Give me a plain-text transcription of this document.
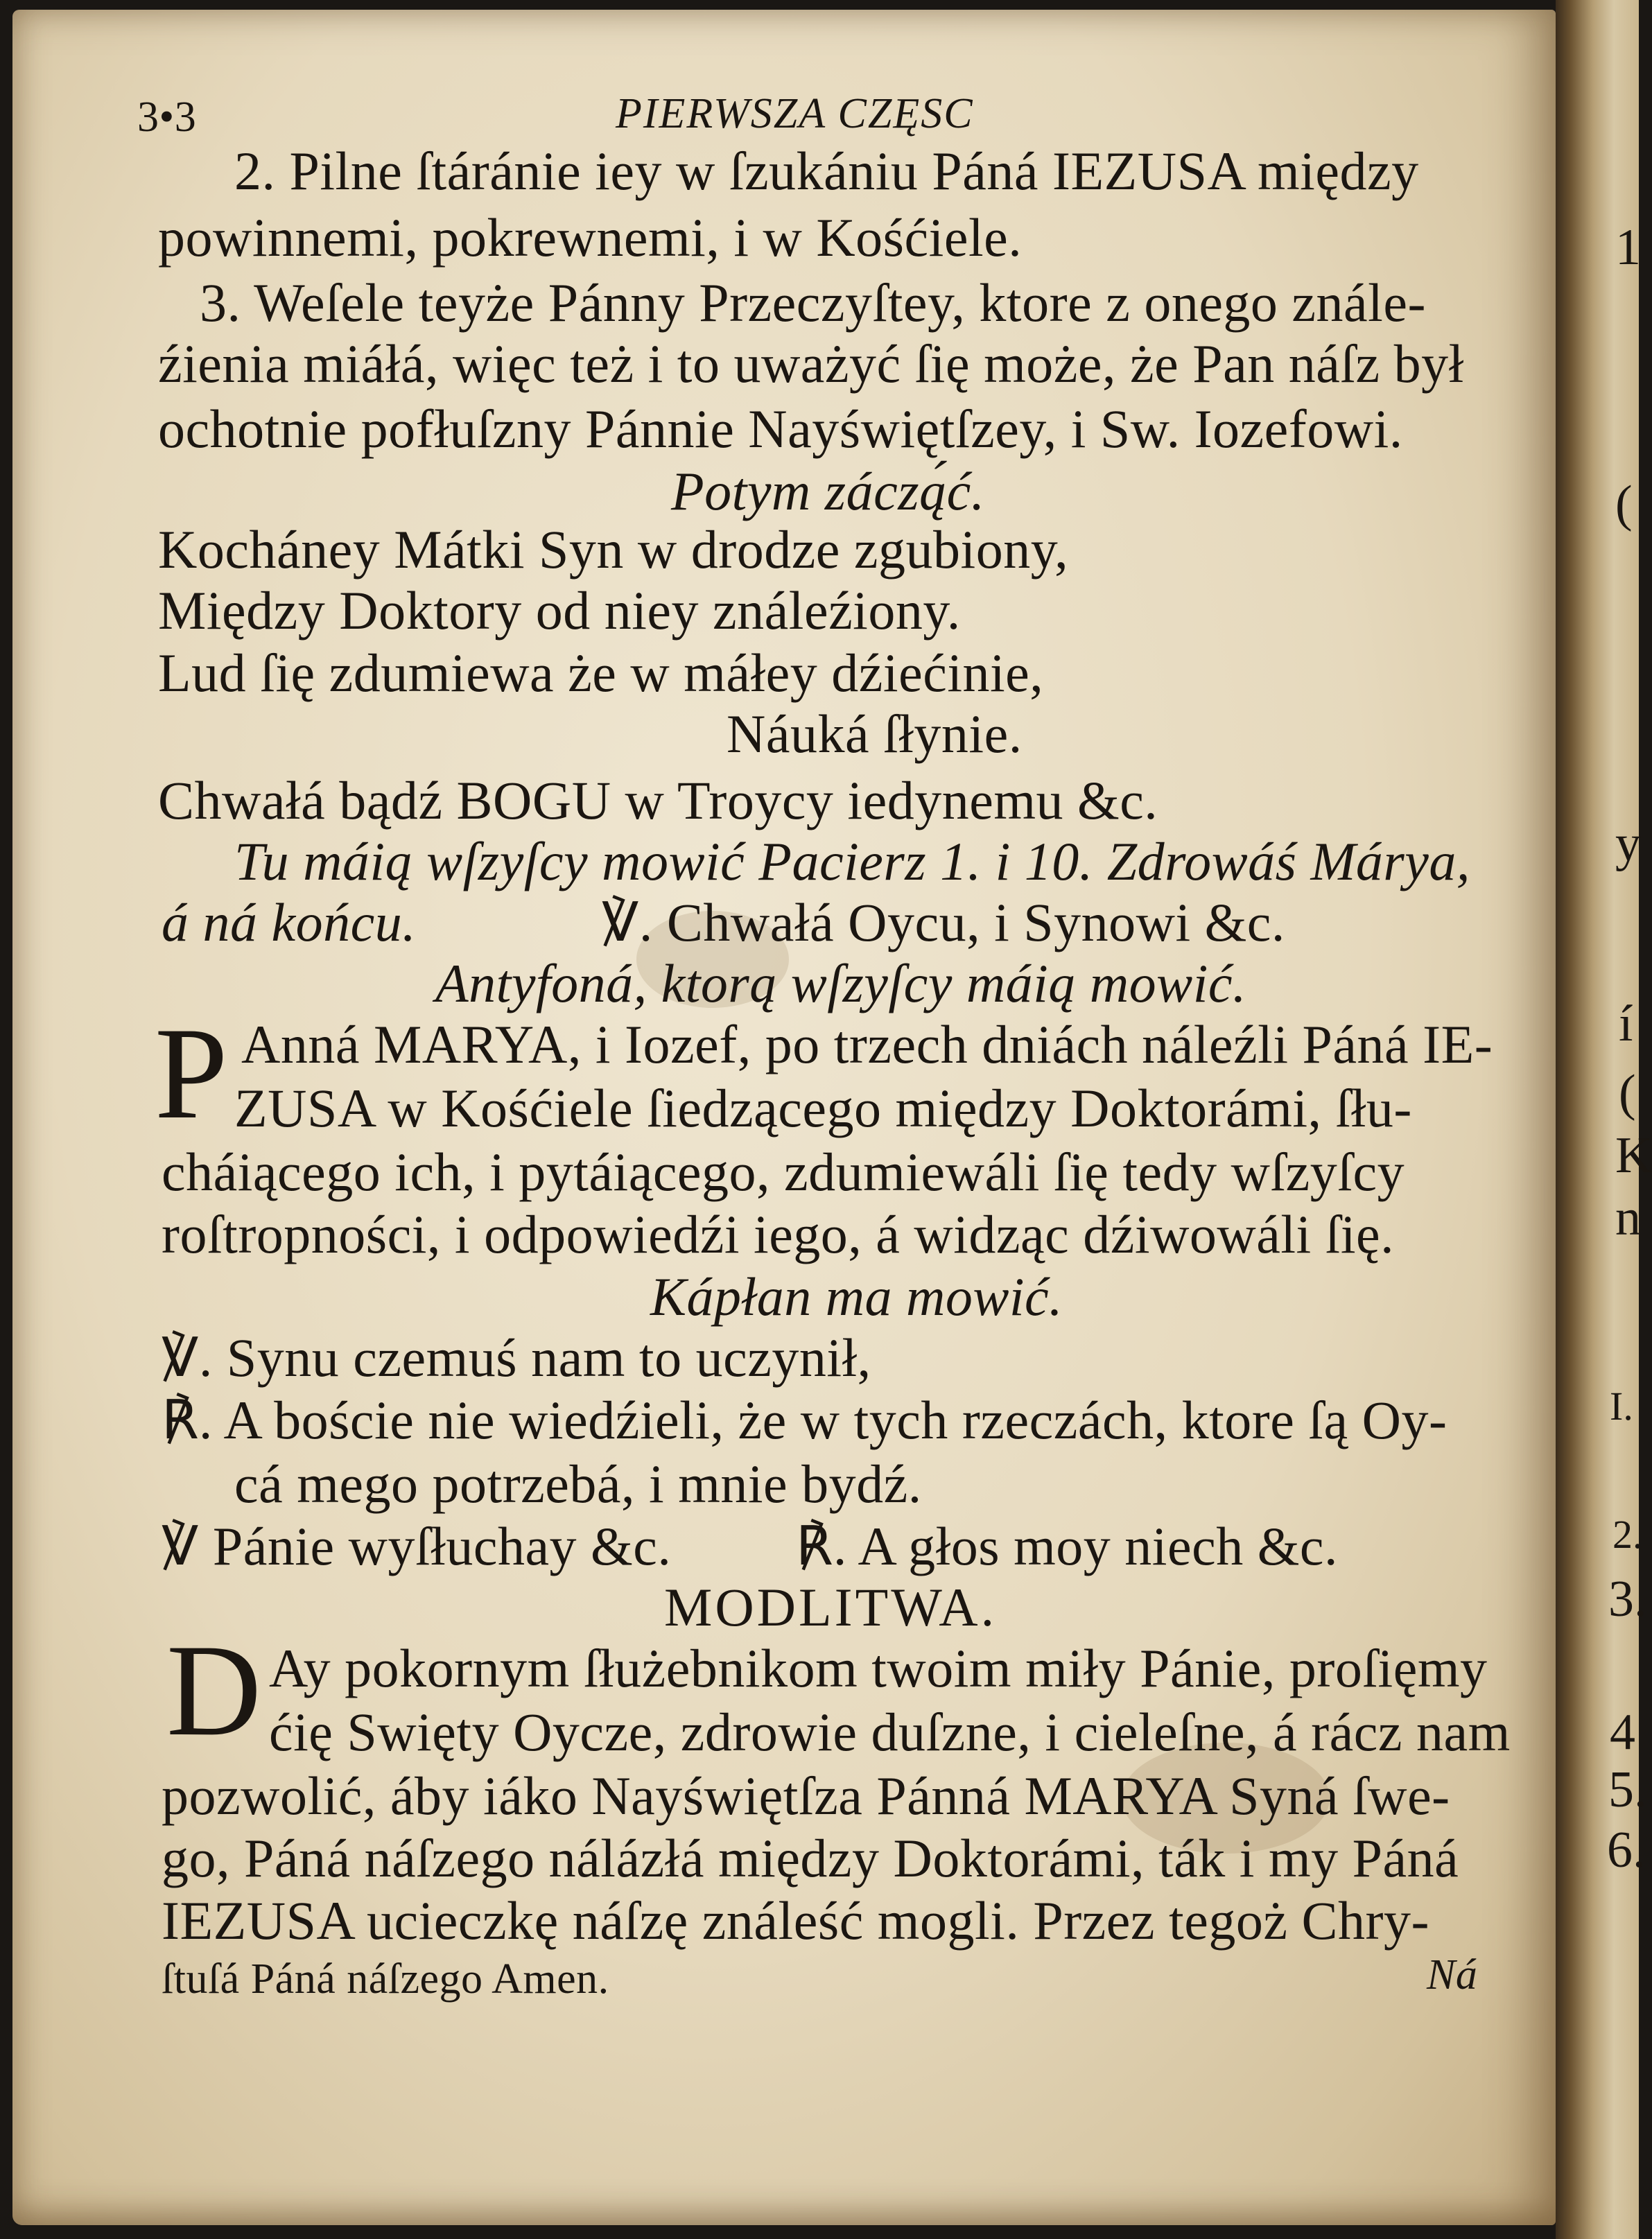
3•3	PIERWSZA CZĘSC
2. Pilne ſtáránie iey w ſzukániu Páná IEZUSA między
powinnemi, pokrewnemi, i w Kośćiele.
3. Weſele teyże Pánny Przeczyſtey, ktore z onego znále-
źienia miáłá, więc też i to uważyć ſię może, że Pan náſz był
ochotnie pofłuſzny Pánnie Nayświętſzey, i Sw. Iozefowi.
Potym záczą́ć.
Kocháney Mátki Syn w drodze zgubiony,
Między Doktory od niey ználeźiony.
Lud ſię zdumiewa że w máłey dźiećinie,
Náuká ſłynie.
Chwałá bądź BOGU w Troycy iedynemu &c.
Tu máią wſzyſcy mowić Pacierz 1. i 10. Zdrowáś Márya,
á ná końcu.	℣. Chwałá Oycu, i Synowi &c.
Antyfoná, ktorą wſzyſcy máią mowić.
P Anná MARYA, i Iozef, po trzech dniách náleźli Páná IE-
ZUSA w Kośćiele ſiedzącego między Doktorámi, ſłu-
cháiącego ich, i pytáiącego, zdumiewáli ſię tedy wſzyſcy
roſtropności, i odpowiedźi iego, á widząc dźiwowáli ſię.
Kápłan ma mowić.
℣. Synu czemuś nam to uczynił,
℟. A boście nie wiedźieli, że w tych rzeczách, ktore ſą Oy-
cá mego potrzebá, i mnie bydź.
℣ Pánie wyſłuchay &c. ℟. A głos moy niech &c.
MODLITWA.
D Ay pokornym ſłużebnikom twoim miły Pánie, proſięmy
ćię Swięty Oycze, zdrowie duſzne, i cieleſne, á rácz nam
pozwolić, áby iáko Nayświętſza Pánná MARYA Syná ſwe-
go, Páná náſzego nálázłá między Doktorámi, ták i my Páná
IEZUSA ucieczkę náſzę ználeść mogli. Przez tegoż Chry-
ſtuſá Páná náſzego Amen.	Ná
1
(
y
í
(
K
n
I.
2.
3.
4
5.
6.
